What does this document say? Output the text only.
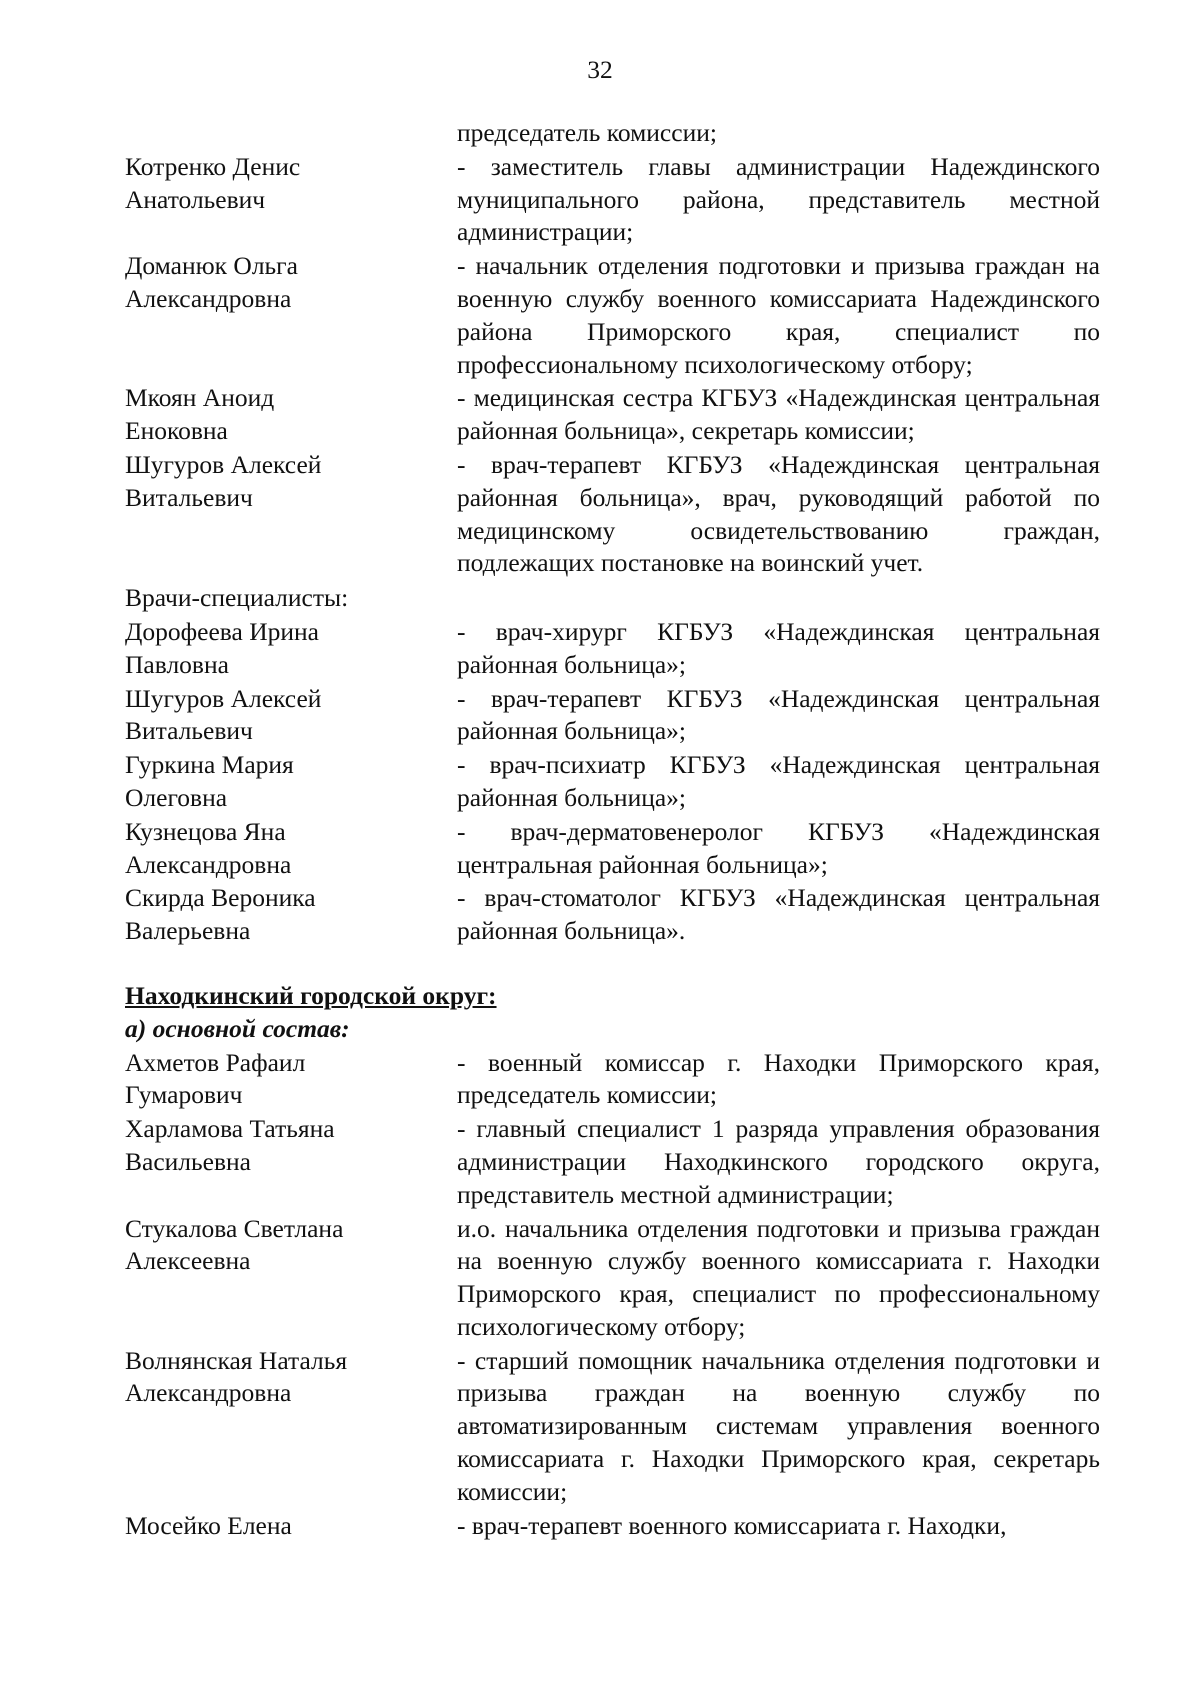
32
председатель комиссии;
Котренко Денис
Анатольевич
- заместитель главы администрации Надеждинского муниципального района, представитель местной администрации;
Доманюк Ольга
Александровна
- начальник отделения подготовки и призыва граждан на военную службу военного комиссариата Надеждинского района Приморского края, специалист по профессиональному психологическому отбору;
Мкоян Аноид
Еноковна
- медицинская сестра КГБУЗ «Надеждинская центральная районная больница», секретарь комиссии;
Шугуров Алексей
Витальевич
- врач-терапевт КГБУЗ «Надеждинская центральная районная больница», врач, руководящий работой по медицинскому освидетельствованию граждан, подлежащих постановке на воинский учет.
Врачи-специалисты:
Дорофеева Ирина
Павловна
- врач-хирург КГБУЗ «Надеждинская центральная районная больница»;
Шугуров Алексей
Витальевич
- врач-терапевт КГБУЗ «Надеждинская центральная районная больница»;
Гуркина Мария
Олеговна
- врач-психиатр КГБУЗ «Надеждинская центральная районная больница»;
Кузнецова Яна
Александровна
- врач-дерматовенеролог КГБУЗ «Надеждинская центральная районная больница»;
Скирда Вероника
Валерьевна
- врач-стоматолог КГБУЗ «Надеждинская центральная районная больница».
Находкинский городской округ:
а) основной состав:
Ахметов Рафаил
Гумарович
- военный комиссар г. Находки Приморского края, председатель комиссии;
Харламова Татьяна
Васильевна
- главный специалист 1 разряда управления образования администрации Находкинского городского округа, представитель местной администрации;
Стукалова Светлана
Алексеевна
и.о. начальника отделения подготовки и призыва граждан на военную службу военного комиссариата г. Находки Приморского края, специалист по профессиональному психологическому отбору;
Волнянская Наталья
Александровна
- старший помощник начальника отделения подготовки и призыва граждан на военную службу по автоматизированным системам управления военного комиссариата г. Находки Приморского края, секретарь комиссии;
Мосейко Елена	- врач-терапевт военного комиссариата г. Находки,
